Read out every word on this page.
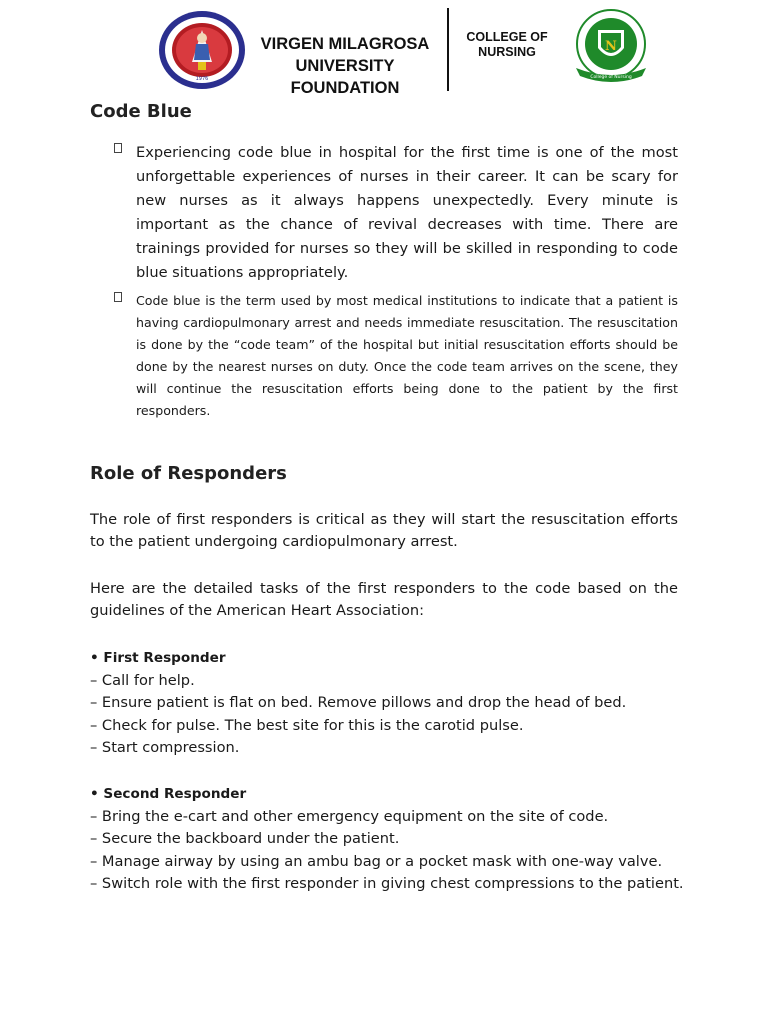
1976
VIRGEN MILAGROSA
UNIVERSITY
FOUNDATION
COLLEGE OF
NURSING	N
College of Nursing
Code Blue
Experiencing code blue in hospital for the first time is one of the most unforgettable experiences of nurses in their career. It can be scary for new nurses as it always happens unexpectedly. Every minute is important as the chance of revival decreases with time. There are trainings provided for nurses so they will be skilled in responding to code blue situations appropriately.
Code blue is the term used by most medical institutions to indicate that a patient is having cardiopulmonary arrest and needs immediate resuscitation. The resuscitation is done by the “code team” of the hospital but initial resuscitation efforts should be done by the nearest nurses on duty. Once the code team arrives on the scene, they will continue the resuscitation efforts being done to the patient by the first responders.
Role of Responders

The role of first responders is critical as they will start the resuscitation efforts to the patient undergoing cardiopulmonary arrest.

Here are the detailed tasks of the first responders to the code based on the guidelines of the American Heart Association:

• First Responder
– Call for help.
– Ensure patient is flat on bed. Remove pillows and drop the head of bed.
– Check for pulse. The best site for this is the carotid pulse.
– Start compression.
• Second Responder
– Bring the e-cart and other emergency equipment on the site of code.
– Secure the backboard under the patient.
– Manage airway by using an ambu bag or a pocket mask with one-way valve.
– Switch role with the first responder in giving chest compressions to the patient.
